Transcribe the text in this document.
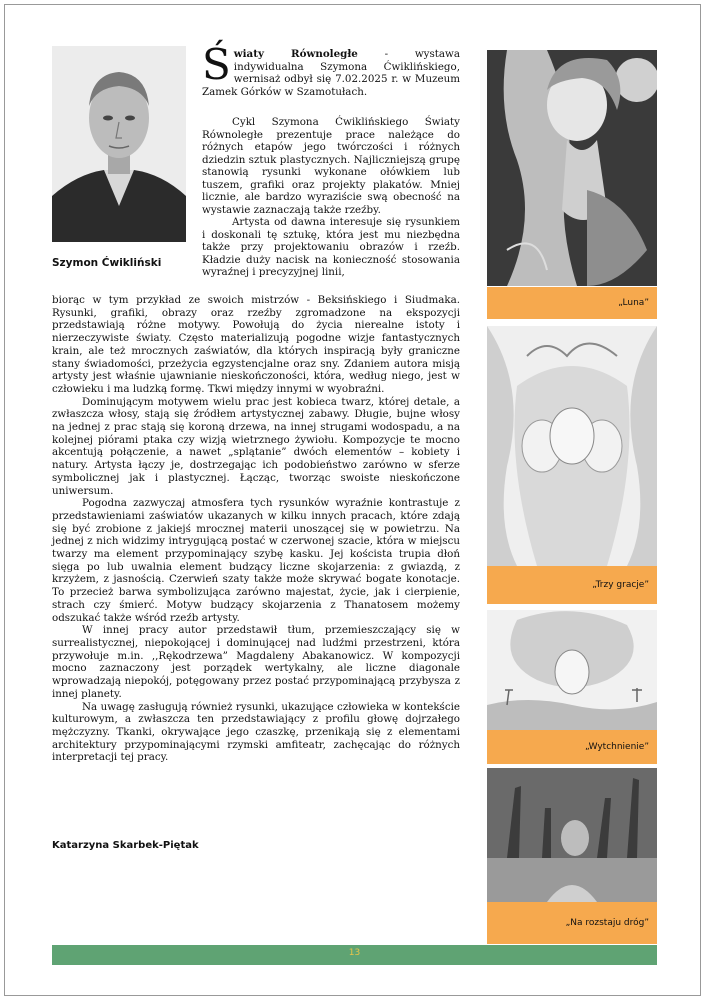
Szymon Ćwikliński

Światy Równoległe - wystawa indywidualna Szymona Ćwiklińskiego, wernisaż odbył się 7.02.2025 r. w Muzeum Zamek Górków w Szamotułach.

Cykl Szymona Ćwiklińskiego Światy Równoległe prezentuje prace należące do różnych etapów jego twórczości i różnych dziedzin sztuk plastycznych. Najliczniejszą grupę stanowią rysunki wykonane ołówkiem lub tuszem, grafiki oraz projekty plakatów. Mniej licznie, ale bardzo wyraziście swą obecność na wystawie zaznaczają także rzeźby.

Artysta od dawna interesuje się rysunkiem i doskonali tę sztukę, która jest mu niezbędna także przy projektowaniu obrazów i rzeźb. Kładzie duży nacisk na konieczność stosowania wyraźnej i precyzyjnej linii,

biorąc w tym przykład ze swoich mistrzów - Beksińskiego i Siudmaka. Rysunki, grafiki, obrazy oraz rzeźby zgromadzone na ekspozycji przedstawiają różne motywy. Powołują do życia nierealne istoty i nierzeczywiste światy. Często materializują pogodne wizje fantastycznych krain, ale też mrocznych zaświatów, dla których inspiracją były graniczne stany świadomości, przeżycia egzystencjalne oraz sny. Zdaniem autora misją artysty jest właśnie ujawnianie nieskończoności, która, według niego, jest w człowieku i ma ludzką formę. Tkwi między innymi w wyobraźni.

Dominującym motywem wielu prac jest kobieca twarz, której detale, a zwłaszcza włosy, stają się źródłem artystycznej zabawy. Długie, bujne włosy na jednej z prac stają się koroną drzewa, na innej strugami wodospadu, a na kolejnej piórami ptaka czy wizją wietrznego żywiołu. Kompozycje te mocno akcentują połączenie, a nawet „splątanie” dwóch elementów – kobiety i natury. Artysta łączy je, dostrzegając ich podobieństwo zarówno w sferze symbolicznej jak i plastycznej. Łącząc, tworząc swoiste nieskończone uniwersum.

Pogodna zazwyczaj atmosfera tych rysunków wyraźnie kontrastuje z przedstawieniami zaświatów ukazanych w kilku innych pracach, które zdają się być zrobione z jakiejś mrocznej materii unoszącej się w powietrzu. Na jednej z nich widzimy intrygującą postać w czerwonej szacie, która w miejscu twarzy ma element przypominający szybę kasku. Jej koścista trupia dłoń sięga po lub uwalnia element budzący liczne skojarzenia: z gwiazdą, z krzyżem, z jasnością. Czerwień szaty także może skrywać bogate konotacje. To przecież barwa symbolizująca zarówno majestat, życie, jak i cierpienie, strach czy śmierć. Motyw budzący skojarzenia z Thanatosem możemy odszukać także wśród rzeźb artysty.

W innej pracy autor przedstawił tłum, przemieszczający się w surrealistycznej, niepokojącej i dominującej nad ludźmi przestrzeni, która przywołuje m.in. ,,Rękodrzewa” Magdaleny Abakanowicz. W kompozycji mocno zaznaczony jest porządek wertykalny, ale liczne diagonale wprowadzają niepokój, potęgowany przez postać przypominającą przybysza z innej planety.

Na uwagę zasługują również rysunki, ukazujące człowieka w kontekście kulturowym, a zwłaszcza ten przedstawiający z profilu głowę dojrzałego mężczyzny. Tkanki, okrywające jego czaszkę, przenikają się z elementami architektury przypominającymi rzymski amfiteatr, zachęcając do różnych interpretacji tej pracy.

Katarzyna Skarbek-Piętak
„Luna”
„Trzy gracje”
„Wytchnienie”
„Na rozstaju dróg”
13
